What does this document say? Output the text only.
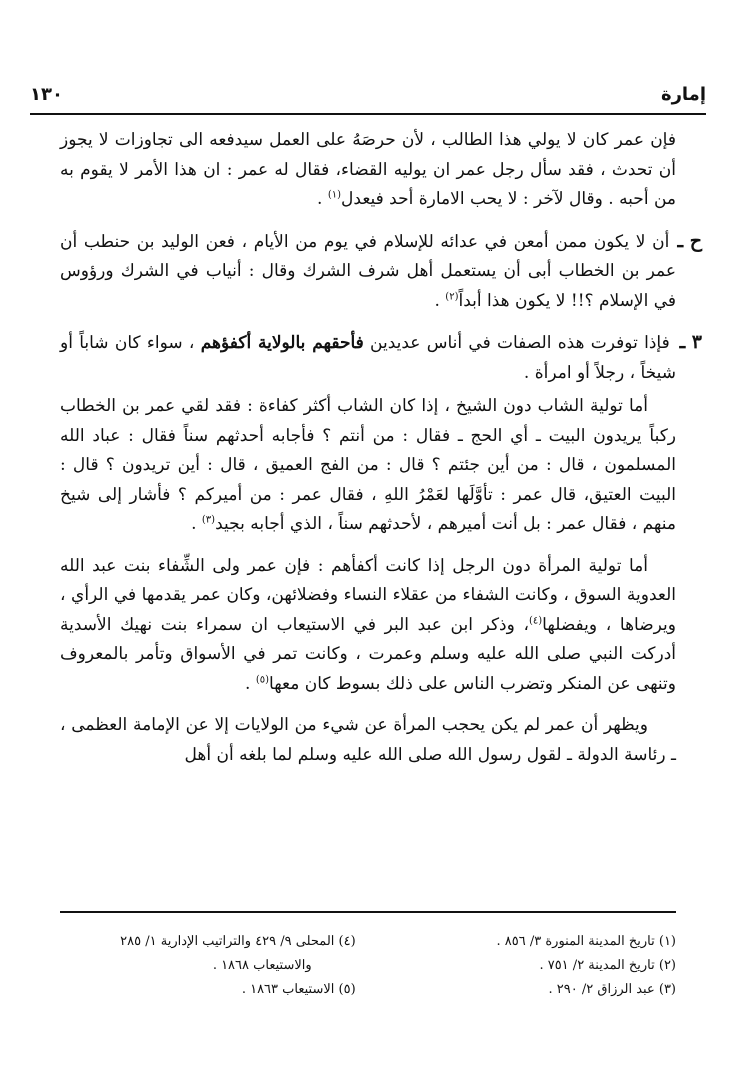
إمارة
١٣٠

فإن عمر كان لا يولي هذا الطالب ، لأن حرصَهُ على العمل سيدفعه الى تجاوزات لا يجوز أن تحدث ، فقد سأل رجل عمر ان يوليه القضاء، فقال له عمر : ان هذا الأمر لا يقوم به من أحبه . وقال لآخر : لا يحب الامارة أحد فيعدل$^{(١)}$ .

ح ـ أن لا يكون ممن أمعن في عدائه للإسلام في يوم من الأيام ، فعن الوليد بن حنطب أن عمر بن الخطاب أبى أن يستعمل أهل شرف الشرك وقال : أنياب في الشرك ورؤوس في الإسلام ؟!! لا يكون هذا أبداً$^{(٢)}$ .

٣ ـ فإذا توفرت هذه الصفات في أناس عديدين فأحقهم بالولاية أكفؤهم ، سواء كان شاباً أو شيخاً ، رجلاً أو امرأة .

أما تولية الشاب دون الشيخ ، إذا كان الشاب أكثر كفاءة : فقد لقي عمر بن الخطاب ركباً يريدون البيت ـ أي الحج ـ فقال : من أنتم ؟ فأجابه أحدثهم سناً فقال : عباد الله المسلمون ، قال : من أين جئتم ؟ قال : من الفج العميق ، قال : أين تريدون ؟ قال : البيت العتيق، قال عمر : تأوَّلَها لعَمْرُ اللهِ ، فقال عمر : من أميركم ؟ فأشار إلى شيخ منهم ، فقال عمر : بل أنت أميرهم ، لأحدثهم سناً ، الذي أجابه بجيد$^{(٣)}$ .

أما تولية المرأة دون الرجل إذا كانت أكفأهم : فإن عمر ولى الشِّفاء بنت عبد الله العدوية السوق ، وكانت الشفاء من عقلاء النساء وفضلائهن، وكان عمر يقدمها في الرأي ، ويرضاها ، ويفضلها$^{(٤)}$، وذكر ابن عبد البر في الاستيعاب ان سمراء بنت نهيك الأسدية أدركت النبي صلى الله عليه وسلم وعمرت ، وكانت تمر في الأسواق وتأمر بالمعروف وتنهى عن المنكر وتضرب الناس على ذلك بسوط كان معها$^{(٥)}$ .

ويظهر أن عمر لم يكن يحجب المرأة عن شيء من الولايات إلا عن الإمامة العظمى ، ـ رئاسة الدولة ـ لقول رسول الله صلى الله عليه وسلم لما بلغه أن أهل

(١) تاريخ المدينة المنورة ٣/ ٨٥٦ .
(٢) تاريخ المدينة ٢/ ٧٥١ .
(٣) عبد الرزاق ٢/ ٢٩٠ .
(٤) المحلى ٩/ ٤٢٩ والتراتيب الإدارية ١/ ٢٨٥
والاستيعاب ١٨٦٨ .
(٥) الاستيعاب ١٨٦٣ .
